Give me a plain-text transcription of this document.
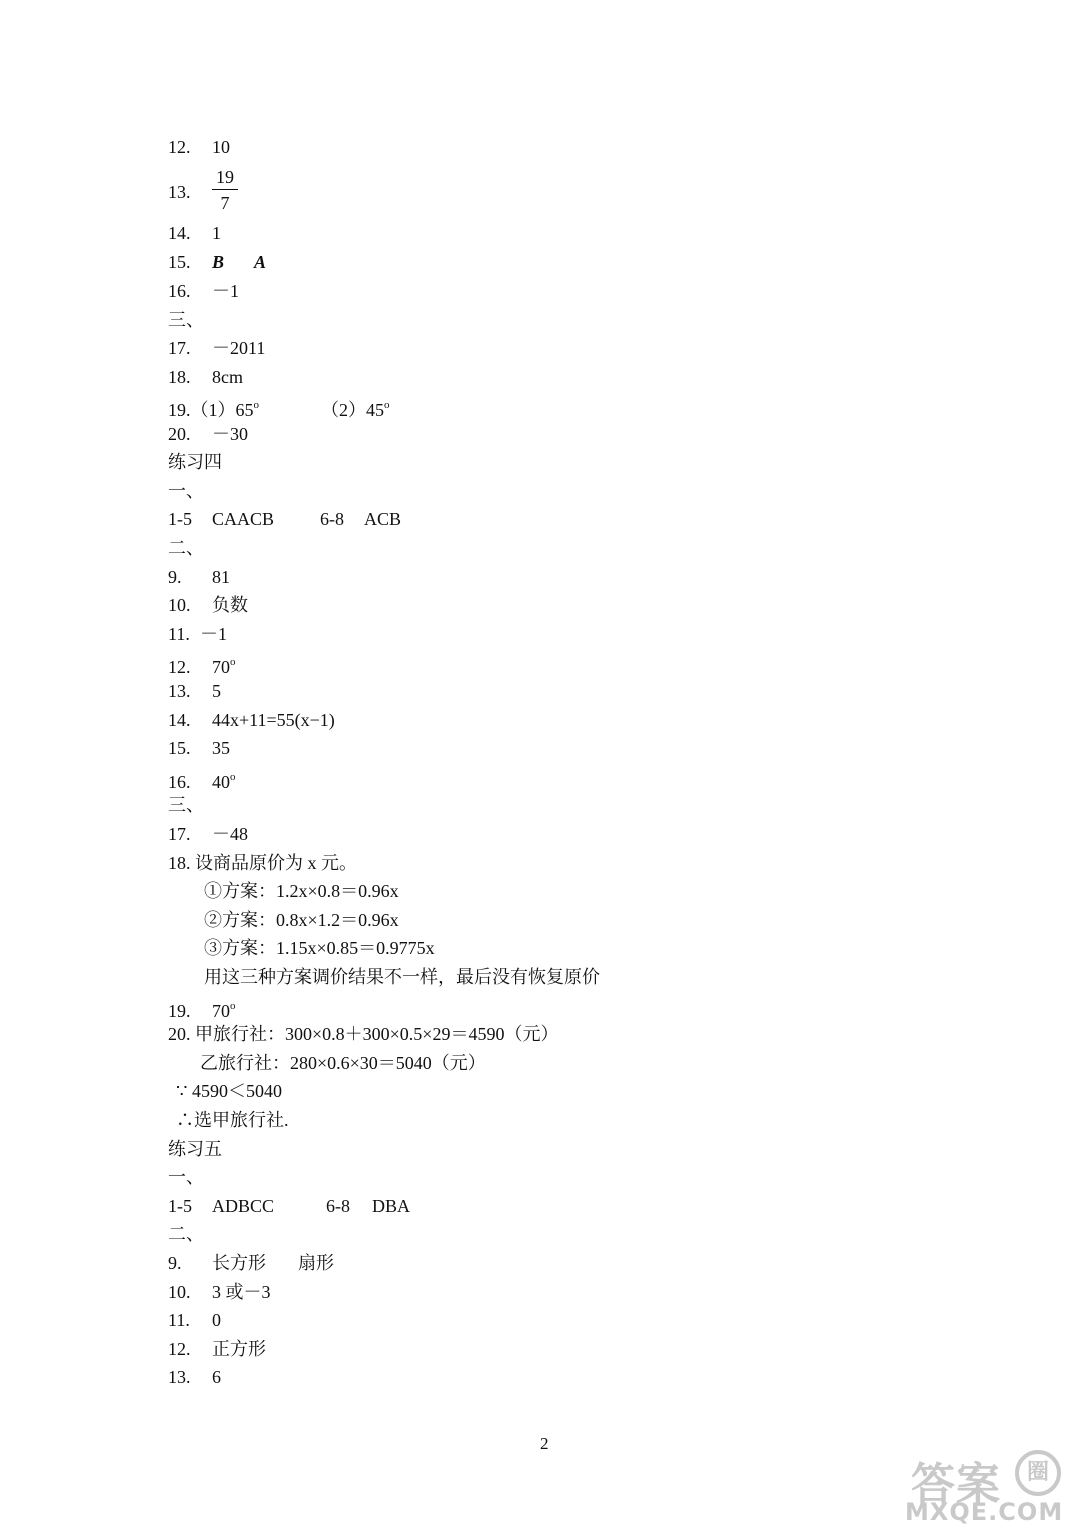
12. 10
13.
19
7
14. 1
15. B A
16. －1
三、
17. －2011
18. 8cm
19.（1）65$^o$	（2）45$^o$
20. －30
练习四
一、
1-5 CAACB	6-8 ACB
二、
9. 81
10. 负数
11. －1
12. 70$^o$
13. 5
14. 44x+11=55(x−1)
15. 35
16. 40$^o$
三、
17. －48
18. 设商品原价为 x 元。
①方案：1.2x×0.8＝0.96x
②方案：0.8x×1.2＝0.96x
③方案：1.15x×0.85＝0.9775x
用这三种方案调价结果不一样，最后没有恢复原价
19. 70$^o$
20. 甲旅行社：300×0.8＋300×0.5×29＝4590（元）
乙旅行社：280×0.6×30＝5040（元）
∵ 4590＜5040
∴选甲旅行社.
练习五
一、
1-5 ADBCC	6-8 DBA
二、
9. 长方形 扇形
10. 3 或－3
11. 0
12. 正方形
13. 6
2
答案	圈
MXQE.COM
